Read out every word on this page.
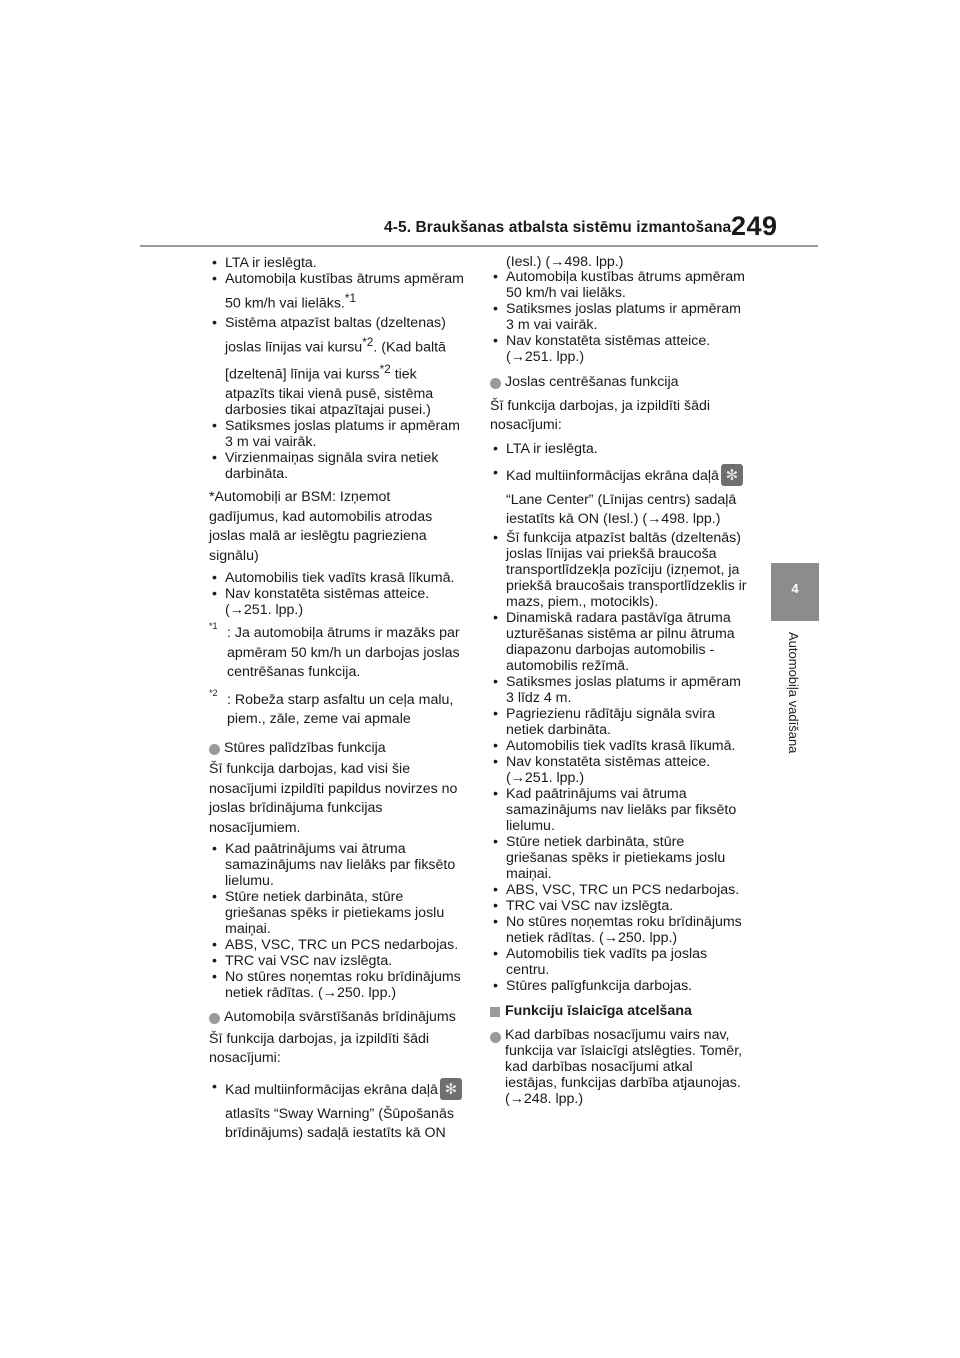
4-5. Braukšanas atbalsta sistēmu izmantošana 249
4
Automobiļa vadīšana
• LTA ir ieslēgta.
• Automobiļa kustības ātrums apmēram
50 km/h vai lielāks.$^{*1}$
• Sistēma atpazīst baltas (dzeltenas)
joslas līnijas vai kursu$^{*2}$. (Kad baltā
[dzeltenā] līnija vai kurss$^{*2}$ tiek
atpazīts tikai vienā pusē, sistēma
darbosies tikai atpazītajai pusei.)
• Satiksmes joslas platums ir apmēram
3 m vai vairāk.
• Virzienmaiņas signāla svira netiek
darbināta.
*Automobiļi ar BSM: Izņemot
gadījumus, kad automobilis atrodas
joslas malā ar ieslēgtu pagrieziena
signālu)
• Automobilis tiek vadīts krasā līkumā.
• Nav konstatēta sistēmas atteice.
(→251. lpp.)
*1 : Ja automobiļa ātrums ir mazāks par
apmēram 50 km/h un darbojas joslas
centrēšanas funkcija.
*2 : Robeža starp asfaltu un ceļa malu,
piem., zāle, zeme vai apmale
Stūres palīdzības funkcija
Šī funkcija darbojas, kad visi šie
nosacījumi izpildīti papildus novirzes no
joslas brīdinājuma funkcijas
nosacījumiem.
• Kad paātrinājums vai ātruma
samazinājums nav lielāks par fiksēto
lielumu.
• Stūre netiek darbināta, stūre
griešanas spēks ir pietiekams joslu
maiņai.
• ABS, VSC, TRC un PCS nedarbojas.
• TRC vai VSC nav izslēgta.
• No stūres noņemtas roku brīdinājums
netiek rādītas. (→250. lpp.)
Automobiļa svārstīšanās brīdinājums
Šī funkcija darbojas, ja izpildīti šādi
nosacījumi:
• Kad multiinformācijas ekrāna daļā✻
atlasīts “Sway Warning” (Šūpošanās
brīdinājums) sadaļā iestatīts kā ON
(Iesl.) (→498. lpp.)
• Automobiļa kustības ātrums apmēram
50 km/h vai lielāks.
• Satiksmes joslas platums ir apmēram
3 m vai vairāk.
• Nav konstatēta sistēmas atteice.
(→251. lpp.)
Joslas centrēšanas funkcija
Šī funkcija darbojas, ja izpildīti šādi
nosacījumi:
• LTA ir ieslēgta.
• Kad multiinformācijas ekrāna daļā✻
“Lane Center” (Līnijas centrs) sadaļā
iestatīts kā ON (Iesl.) (→498. lpp.)
• Šī funkcija atpazīst baltās (dzeltenās)
joslas līnijas vai priekšā braucoša
transportlīdzekļa pozīciju (izņemot, ja
priekšā braucošais transportlīdzeklis ir
mazs, piem., motocikls).
• Dinamiskā radara pastāvīga ātruma
uzturēšanas sistēma ar pilnu ātruma
diapazonu darbojas automobilis -
automobilis režīmā.
• Satiksmes joslas platums ir apmēram
3 līdz 4 m.
• Pagriezienu rādītāju signāla svira
netiek darbināta.
• Automobilis tiek vadīts krasā līkumā.
• Nav konstatēta sistēmas atteice.
(→251. lpp.)
• Kad paātrinājums vai ātruma
samazinājums nav lielāks par fiksēto
lielumu.
• Stūre netiek darbināta, stūre
griešanas spēks ir pietiekams joslu
maiņai.
• ABS, VSC, TRC un PCS nedarbojas.
• TRC vai VSC nav izslēgta.
• No stūres noņemtas roku brīdinājums
netiek rādītas. (→250. lpp.)
• Automobilis tiek vadīts pa joslas
centru.
• Stūres palīgfunkcija darbojas.
Funkciju īslaicīga atcelšana
Kad darbības nosacījumu vairs nav,
funkcija var īslaicīgi atslēgties. Tomēr,
kad darbības nosacījumi atkal
iestājas, funkcijas darbība atjaunojas.
(→248. lpp.)
